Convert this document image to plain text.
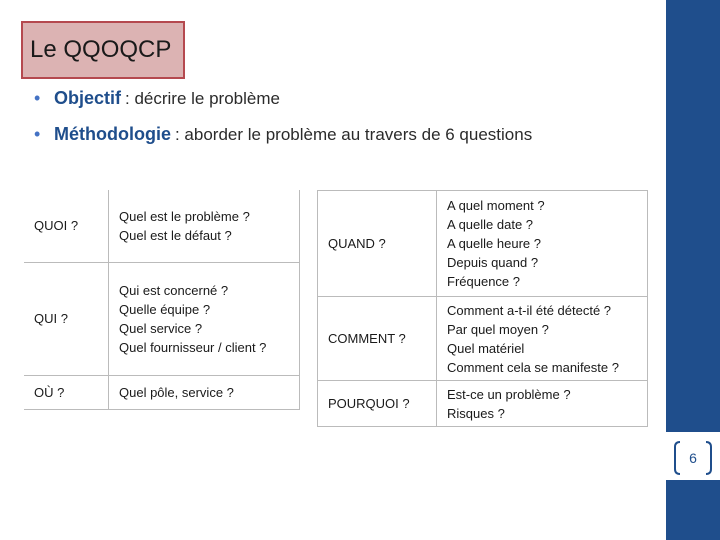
Le QQOQCP
• Objectif : décrire le problème
• Méthodologie : aborder le problème au travers de 6 questions
QUOI ?	Quel est le problème ?
Quel est le défaut ?

QUI ?	Qui est concerné ?
Quelle équipe ?
Quel service ?
Quel fournisseur / client ?

OÙ ?	Quel pôle, service ?
QUAND ?	A quel moment ?
A quelle date ?
A quelle heure ?
Depuis quand ?
Fréquence ?

COMMENT ?	Comment a-t-il été détecté ?
Par quel moyen ?
Quel matériel
Comment cela se manifeste ?

POURQUOI ?	Est-ce un problème ?
Risques ?
6
